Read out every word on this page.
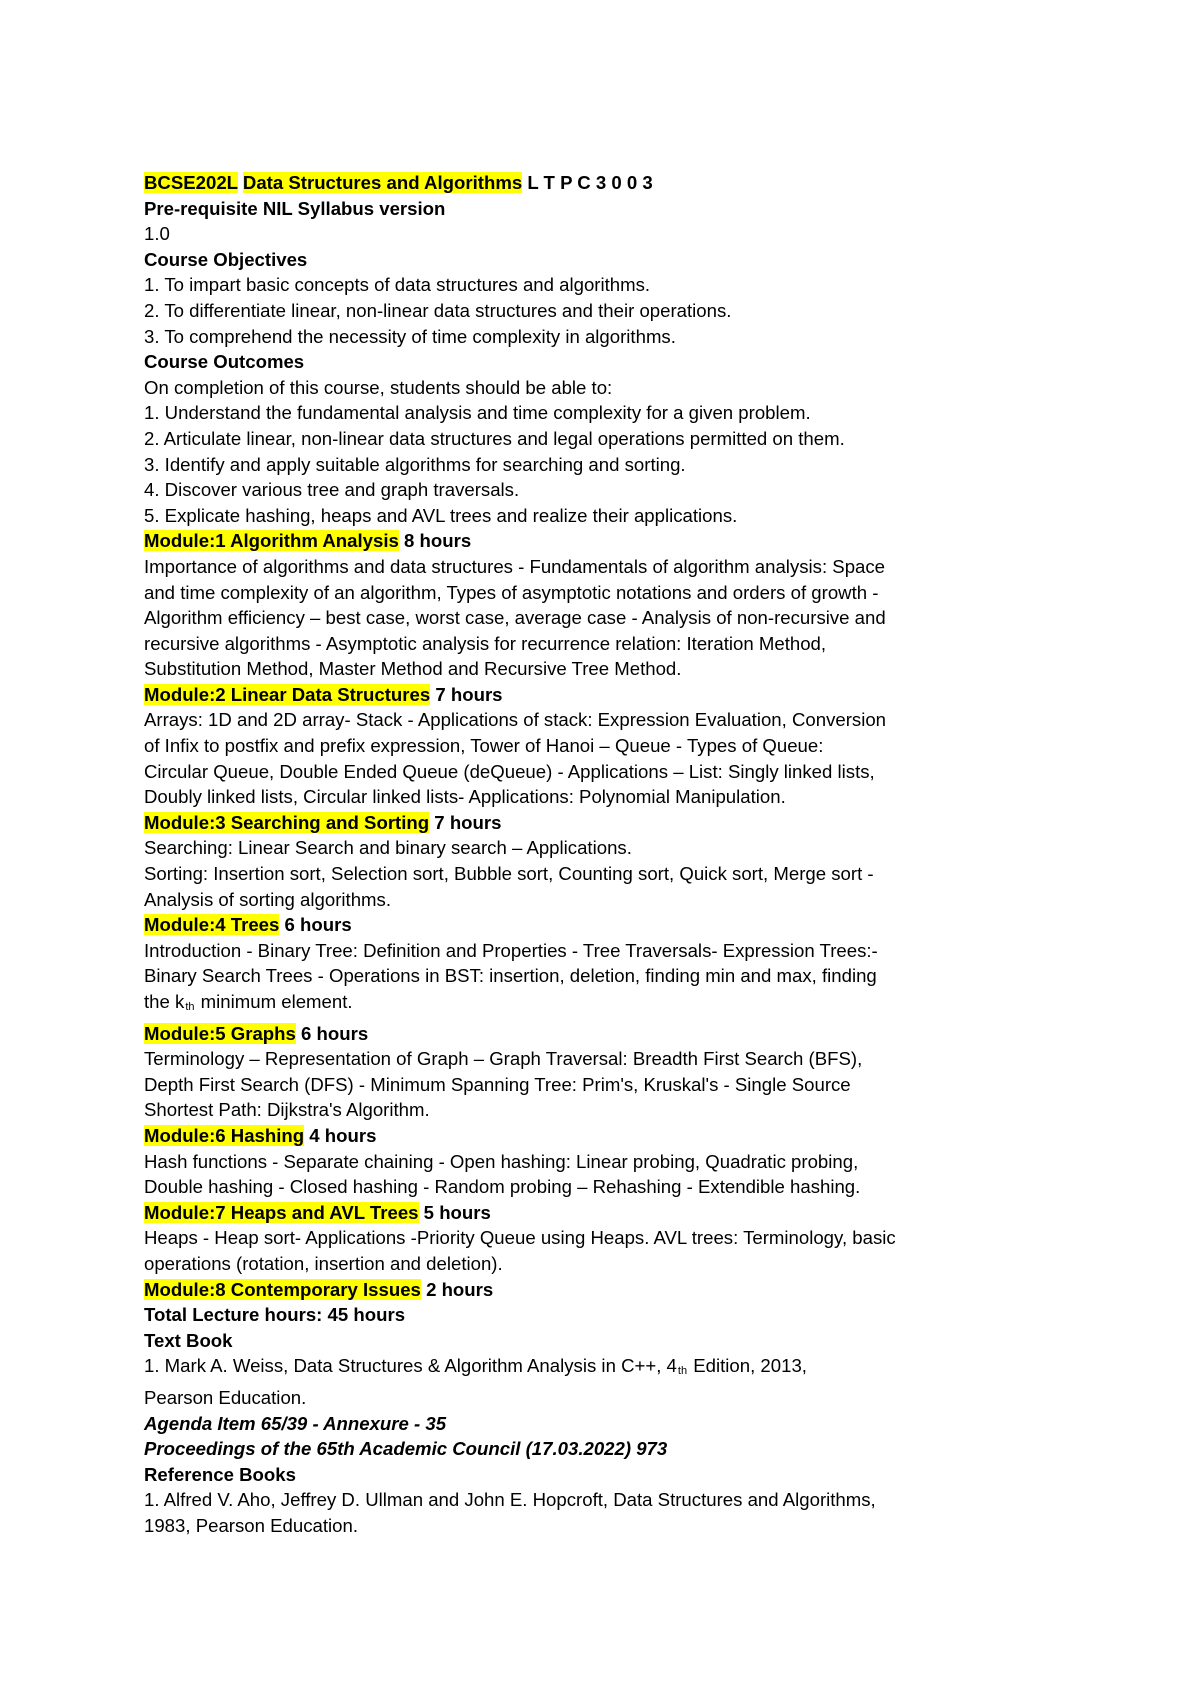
BCSE202L Data Structures and Algorithms L T P C 3 0 0 3
Pre-requisite NIL Syllabus version
1.0
Course Objectives
1. To impart basic concepts of data structures and algorithms.
2. To differentiate linear, non-linear data structures and their operations.
3. To comprehend the necessity of time complexity in algorithms.
Course Outcomes
On completion of this course, students should be able to:
1. Understand the fundamental analysis and time complexity for a given problem.
2. Articulate linear, non-linear data structures and legal operations permitted on them.
3. Identify and apply suitable algorithms for searching and sorting.
4. Discover various tree and graph traversals.
5. Explicate hashing, heaps and AVL trees and realize their applications.
Module:1 Algorithm Analysis 8 hours
Importance of algorithms and data structures - Fundamentals of algorithm analysis: Space
and time complexity of an algorithm, Types of asymptotic notations and orders of growth -
Algorithm efficiency – best case, worst case, average case - Analysis of non-recursive and
recursive algorithms - Asymptotic analysis for recurrence relation: Iteration Method,
Substitution Method, Master Method and Recursive Tree Method.
Module:2 Linear Data Structures 7 hours
Arrays: 1D and 2D array- Stack - Applications of stack: Expression Evaluation, Conversion
of Infix to postfix and prefix expression, Tower of Hanoi – Queue - Types of Queue:
Circular Queue, Double Ended Queue (deQueue) - Applications – List: Singly linked lists,
Doubly linked lists, Circular linked lists- Applications: Polynomial Manipulation.
Module:3 Searching and Sorting 7 hours
Searching: Linear Search and binary search – Applications.
Sorting: Insertion sort, Selection sort, Bubble sort, Counting sort, Quick sort, Merge sort -
Analysis of sorting algorithms.
Module:4 Trees 6 hours
Introduction - Binary Tree: Definition and Properties - Tree Traversals- Expression Trees:-
Binary Search Trees - Operations in BST: insertion, deletion, finding min and max, finding
the kth minimum element.
Module:5 Graphs 6 hours
Terminology – Representation of Graph – Graph Traversal: Breadth First Search (BFS),
Depth First Search (DFS) - Minimum Spanning Tree: Prim's, Kruskal's - Single Source
Shortest Path: Dijkstra's Algorithm.
Module:6 Hashing 4 hours
Hash functions - Separate chaining - Open hashing: Linear probing, Quadratic probing,
Double hashing - Closed hashing - Random probing – Rehashing - Extendible hashing.
Module:7 Heaps and AVL Trees 5 hours
Heaps - Heap sort- Applications -Priority Queue using Heaps. AVL trees: Terminology, basic
operations (rotation, insertion and deletion).
Module:8 Contemporary Issues 2 hours
Total Lecture hours: 45 hours
Text Book
1. Mark A. Weiss, Data Structures & Algorithm Analysis in C++, 4th Edition, 2013,
Pearson Education.
Agenda Item 65/39 - Annexure - 35
Proceedings of the 65th Academic Council (17.03.2022) 973
Reference Books
1. Alfred V. Aho, Jeffrey D. Ullman and John E. Hopcroft, Data Structures and Algorithms,
1983, Pearson Education.
